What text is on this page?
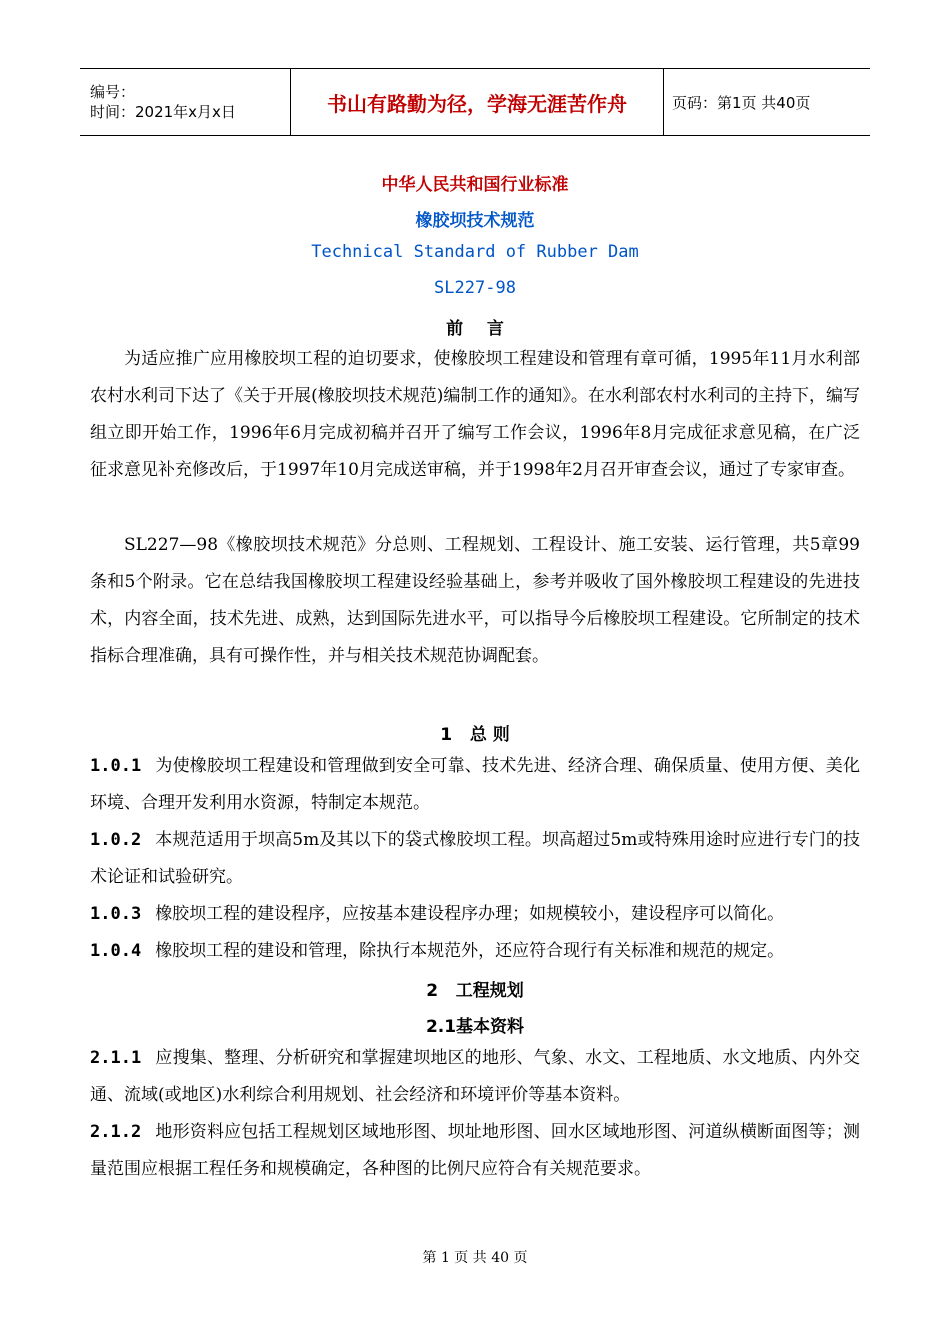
编号：
时间：2021年x月x日	书山有路勤为径，学海无涯苦作舟	页码：第1页 共40页
中华人民共和国行业标准
橡胶坝技术规范
Technical Standard of Rubber Dam
SL227-98
前    言
为适应推广应用橡胶坝工程的迫切要求，使橡胶坝工程建设和管理有章可循，1995年11月水利部农村水利司下达了《关于开展(橡胶坝技术规范)编制工作的通知》。在水利部农村水利司的主持下，编写组立即开始工作，1996年6月完成初稿并召开了编写工作会议，1996年8月完成征求意见稿，在广泛征求意见补充修改后，于1997年10月完成送审稿，并于1998年2月召开审查会议，通过了专家审查。
SL227—98《橡胶坝技术规范》分总则、工程规划、工程设计、施工安装、运行管理，共5章99条和5个附录。它在总结我国橡胶坝工程建设经验基础上，参考并吸收了国外橡胶坝工程建设的先进技术，内容全面，技术先进、成熟，达到国际先进水平，可以指导今后橡胶坝工程建设。它所制定的技术指标合理准确，具有可操作性，并与相关技术规范协调配套。
1   总 则
1.0.1 为使橡胶坝工程建设和管理做到安全可靠、技术先进、经济合理、确保质量、使用方便、美化环境、合理开发利用水资源，特制定本规范。
1.0.2 本规范适用于坝高5m及其以下的袋式橡胶坝工程。坝高超过5m或特殊用途时应进行专门的技术论证和试验研究。
1.0.3 橡胶坝工程的建设程序，应按基本建设程序办理；如规模较小，建设程序可以简化。
1.0.4 橡胶坝工程的建设和管理，除执行本规范外，还应符合现行有关标准和规范的规定。
2   工程规划
2.1基本资料
2.1.1 应搜集、整理、分析研究和掌握建坝地区的地形、气象、水文、工程地质、水文地质、内外交通、流域(或地区)水利综合利用规划、社会经济和环境评价等基本资料。
2.1.2 地形资料应包括工程规划区域地形图、坝址地形图、回水区域地形图、河道纵横断面图等；测量范围应根据工程任务和规模确定，各种图的比例尺应符合有关规范要求。
第 1 页 共 40 页
